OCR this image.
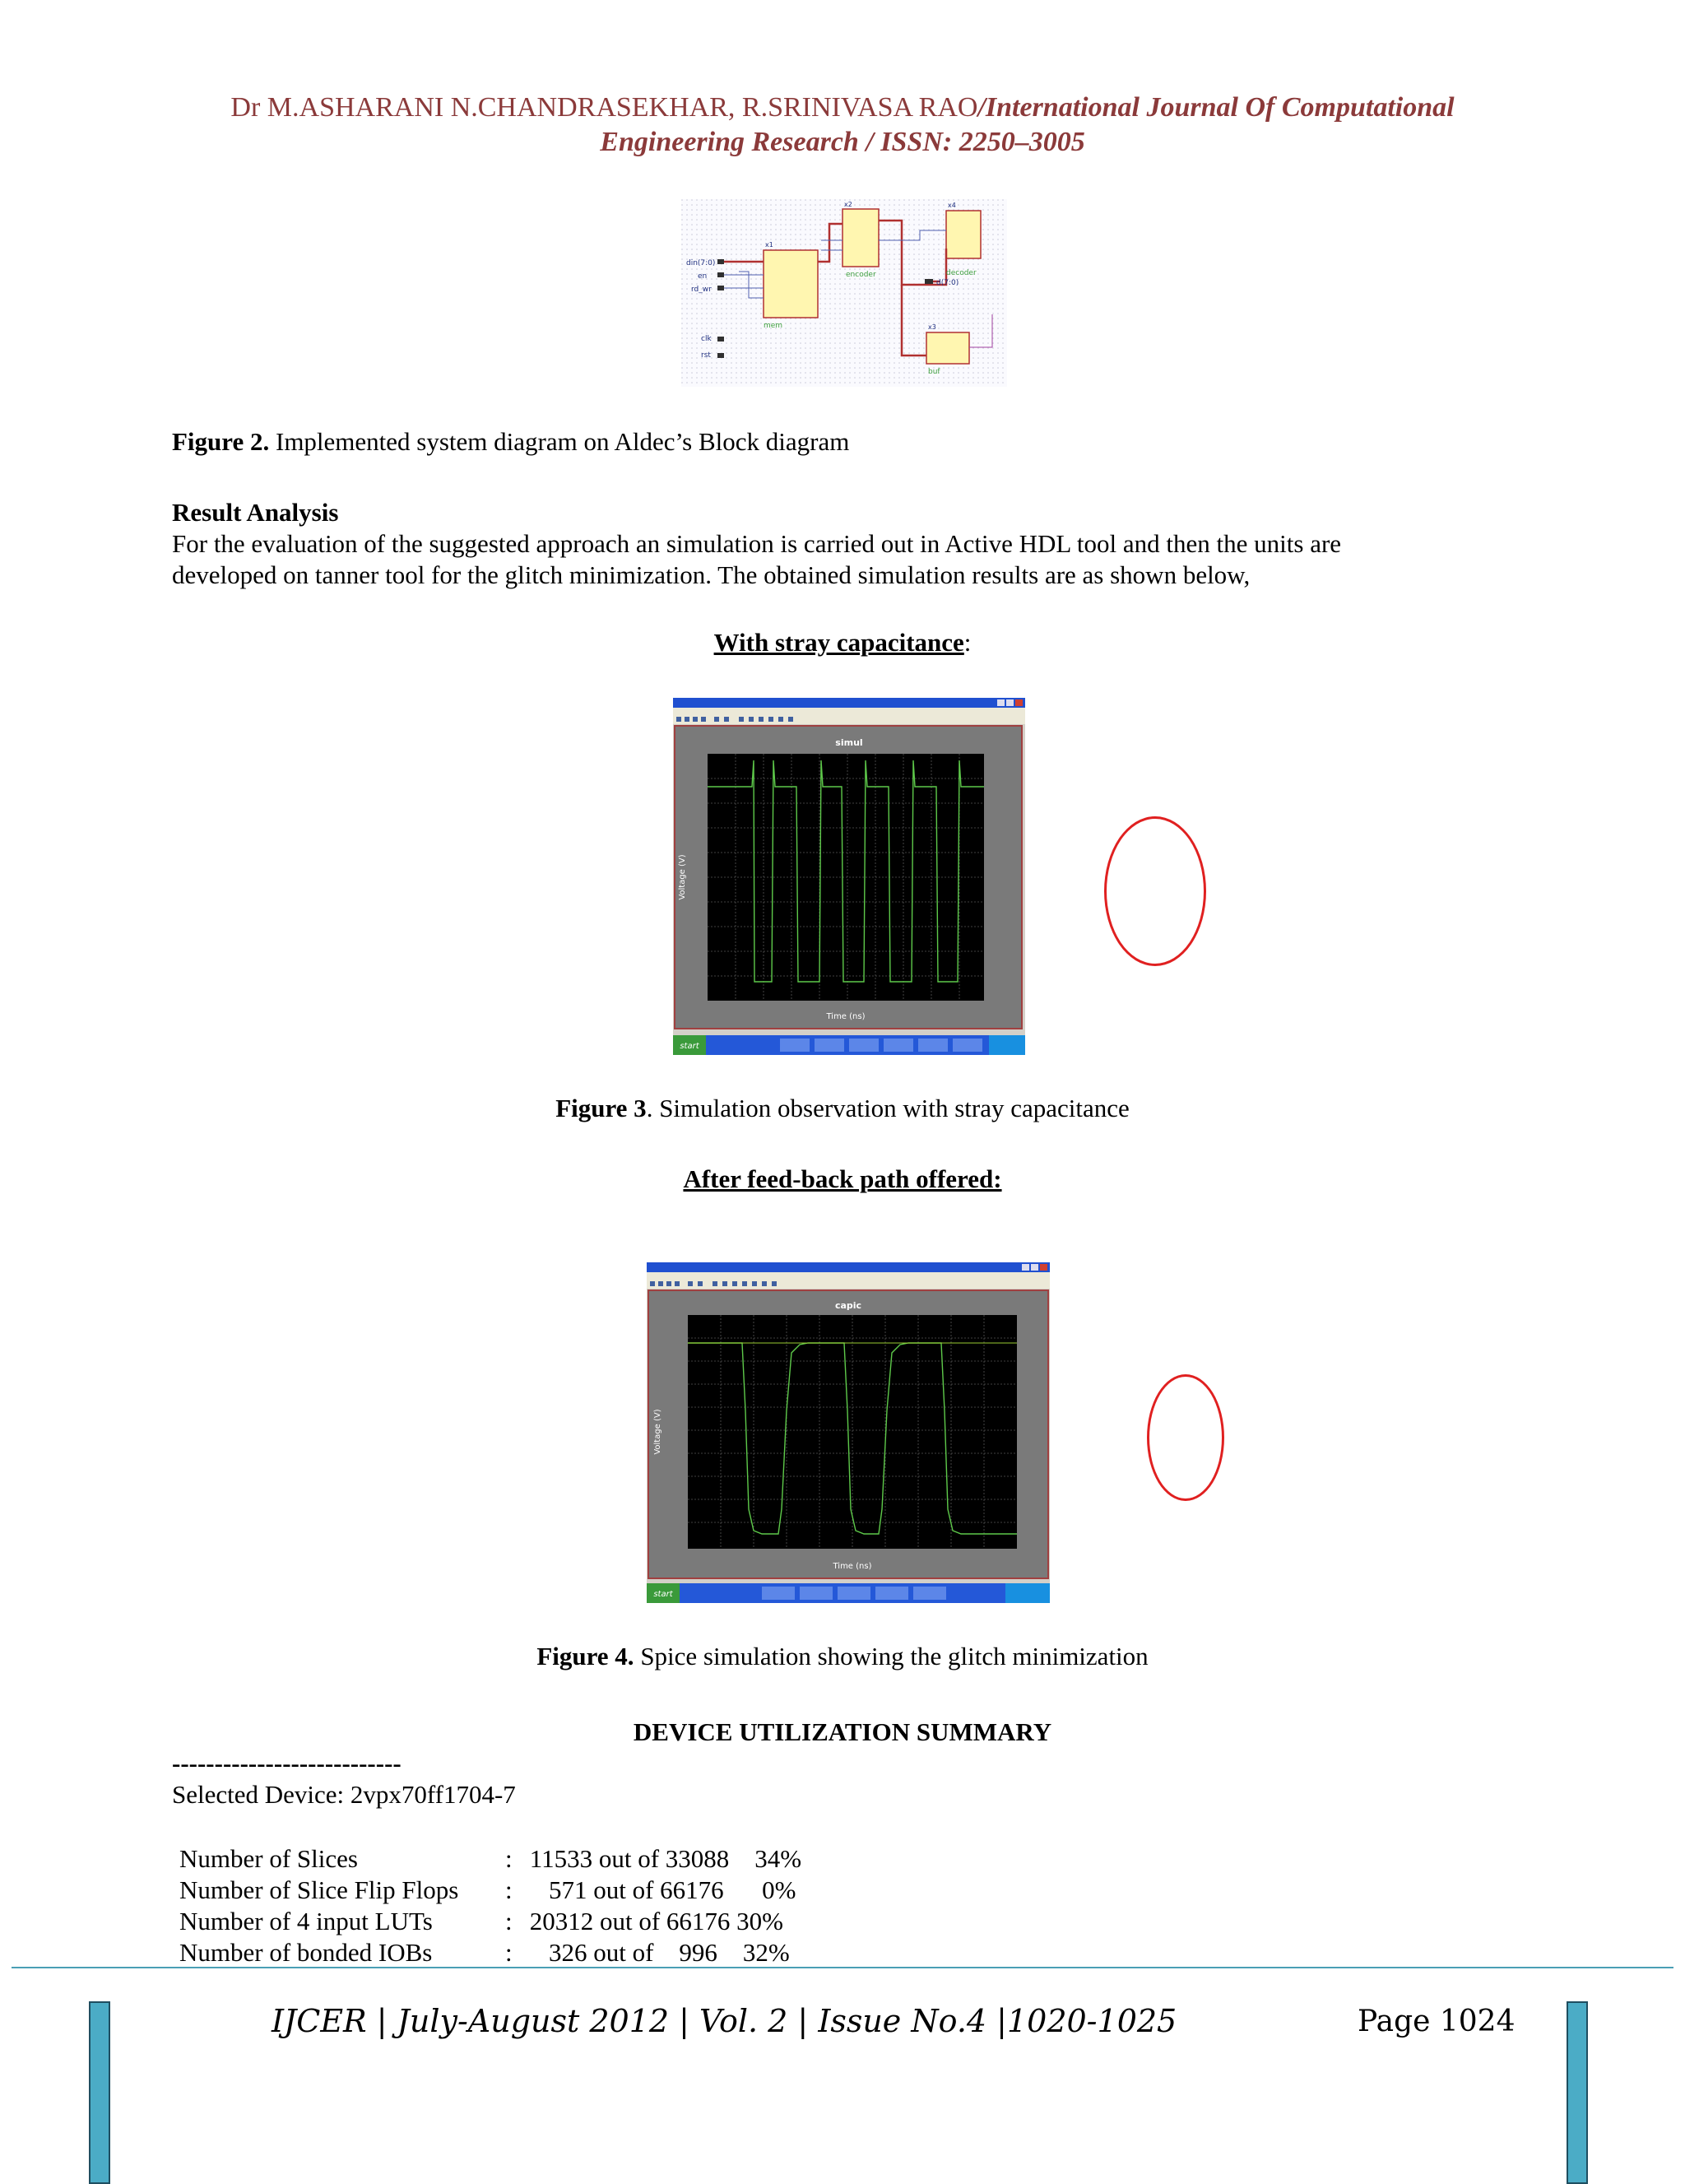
Dr M.ASHARANI N.CHANDRASEKHAR, R.SRINIVASA RAO/International Journal Of Computational
Engineering Research / ISSN: 2250–3005
din(7:0)
en
rd_wr
clk
rst
mem
encoder	decoder
buf
d(7:0)
x1
x2
x3
x4
Figure 2. Implemented system diagram on Aldec’s Block diagram
Result Analysis
For the evaluation of the suggested approach an simulation is carried out in Active HDL tool and then the units are
developed on tanner tool for the glitch minimization. The obtained simulation results are as shown below,
With stray capacitance:
simul
Voltage (V)
Time (ns)
start
Figure 3. Simulation observation with stray capacitance
After feed-back path offered:
capic
Voltage (V)
Time (ns)
start
Figure 4. Spice simulation showing the glitch minimization
DEVICE UTILIZATION SUMMARY
---------------------------
Selected Device: 2vpx70ff1704-7
Number of Slices	:	11533 out of 33088    34%
Number of Slice Flip Flops	:	571 out of 66176      0%
Number of 4 input LUTs	:	20312 out of 66176 30%
Number of bonded IOBs	:	326 out of    996    32%
IJCER | July-August 2012 | Vol. 2 | Issue No.4 |1020-1025	Page 1024
